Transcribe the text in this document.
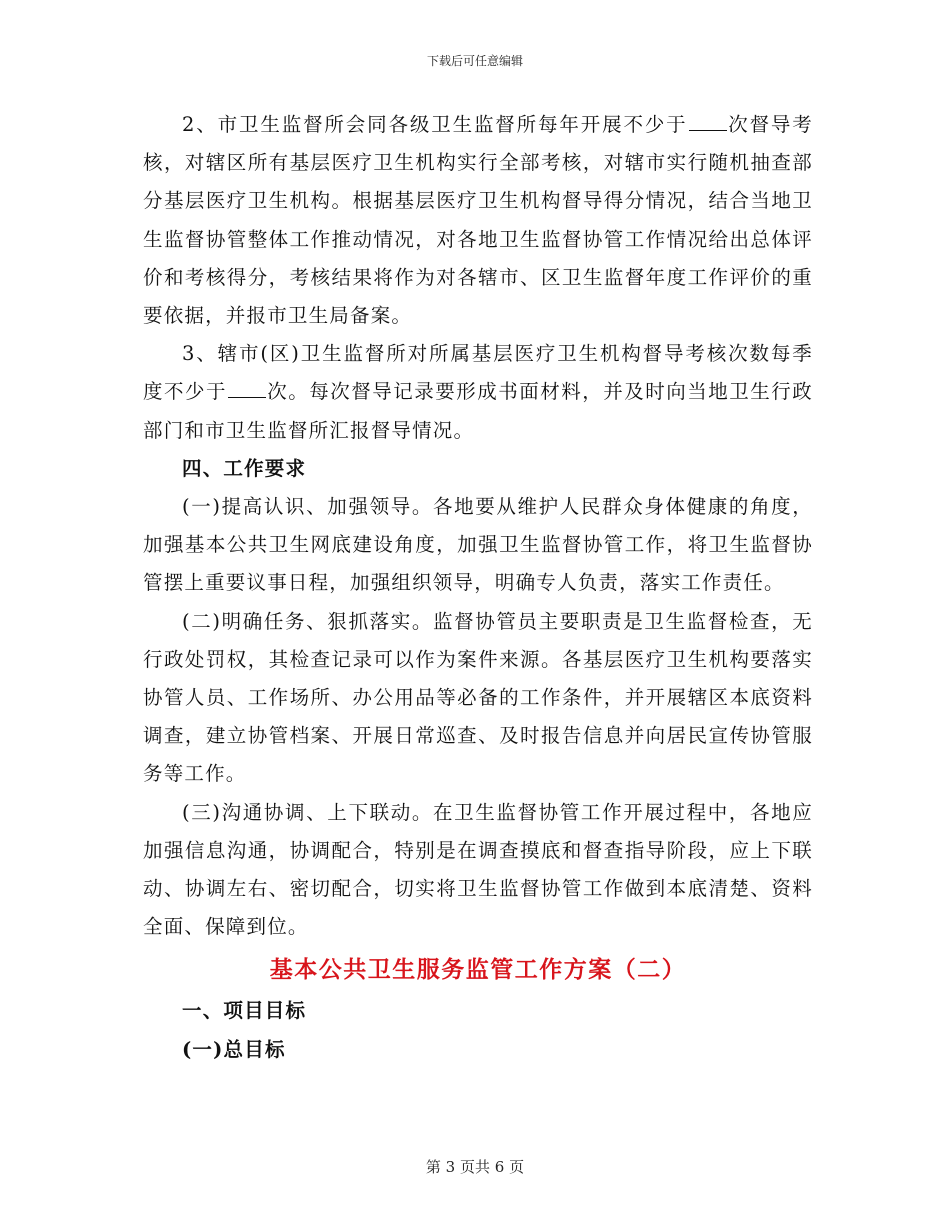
下载后可任意编辑

2、市卫生监督所会同各级卫生监督所每年开展不少于 次督导考核，对辖区所有基层医疗卫生机构实行全部考核，对辖市实行随机抽查部分基层医疗卫生机构。根据基层医疗卫生机构督导得分情况，结合当地卫生监督协管整体工作推动情况，对各地卫生监督协管工作情况给出总体评价和考核得分，考核结果将作为对各辖市、区卫生监督年度工作评价的重要依据，并报市卫生局备案。

3、辖市(区)卫生监督所对所属基层医疗卫生机构督导考核次数每季度不少于 次。每次督导记录要形成书面材料，并及时向当地卫生行政部门和市卫生监督所汇报督导情况。

四、工作要求

(一)提高认识、加强领导。各地要从维护人民群众身体健康的角度，加强基本公共卫生网底建设角度，加强卫生监督协管工作，将卫生监督协管摆上重要议事日程，加强组织领导，明确专人负责，落实工作责任。

(二)明确任务、狠抓落实。监督协管员主要职责是卫生监督检查，无行政处罚权，其检查记录可以作为案件来源。各基层医疗卫生机构要落实协管人员、工作场所、办公用品等必备的工作条件，并开展辖区本底资料调查，建立协管档案、开展日常巡查、及时报告信息并向居民宣传协管服务等工作。

(三)沟通协调、上下联动。在卫生监督协管工作开展过程中，各地应加强信息沟通，协调配合，特别是在调查摸底和督查指导阶段，应上下联动、协调左右、密切配合，切实将卫生监督协管工作做到本底清楚、资料全面、保障到位。

基本公共卫生服务监管工作方案（二）

一、项目目标

(一)总目标

第 3 页共 6 页
